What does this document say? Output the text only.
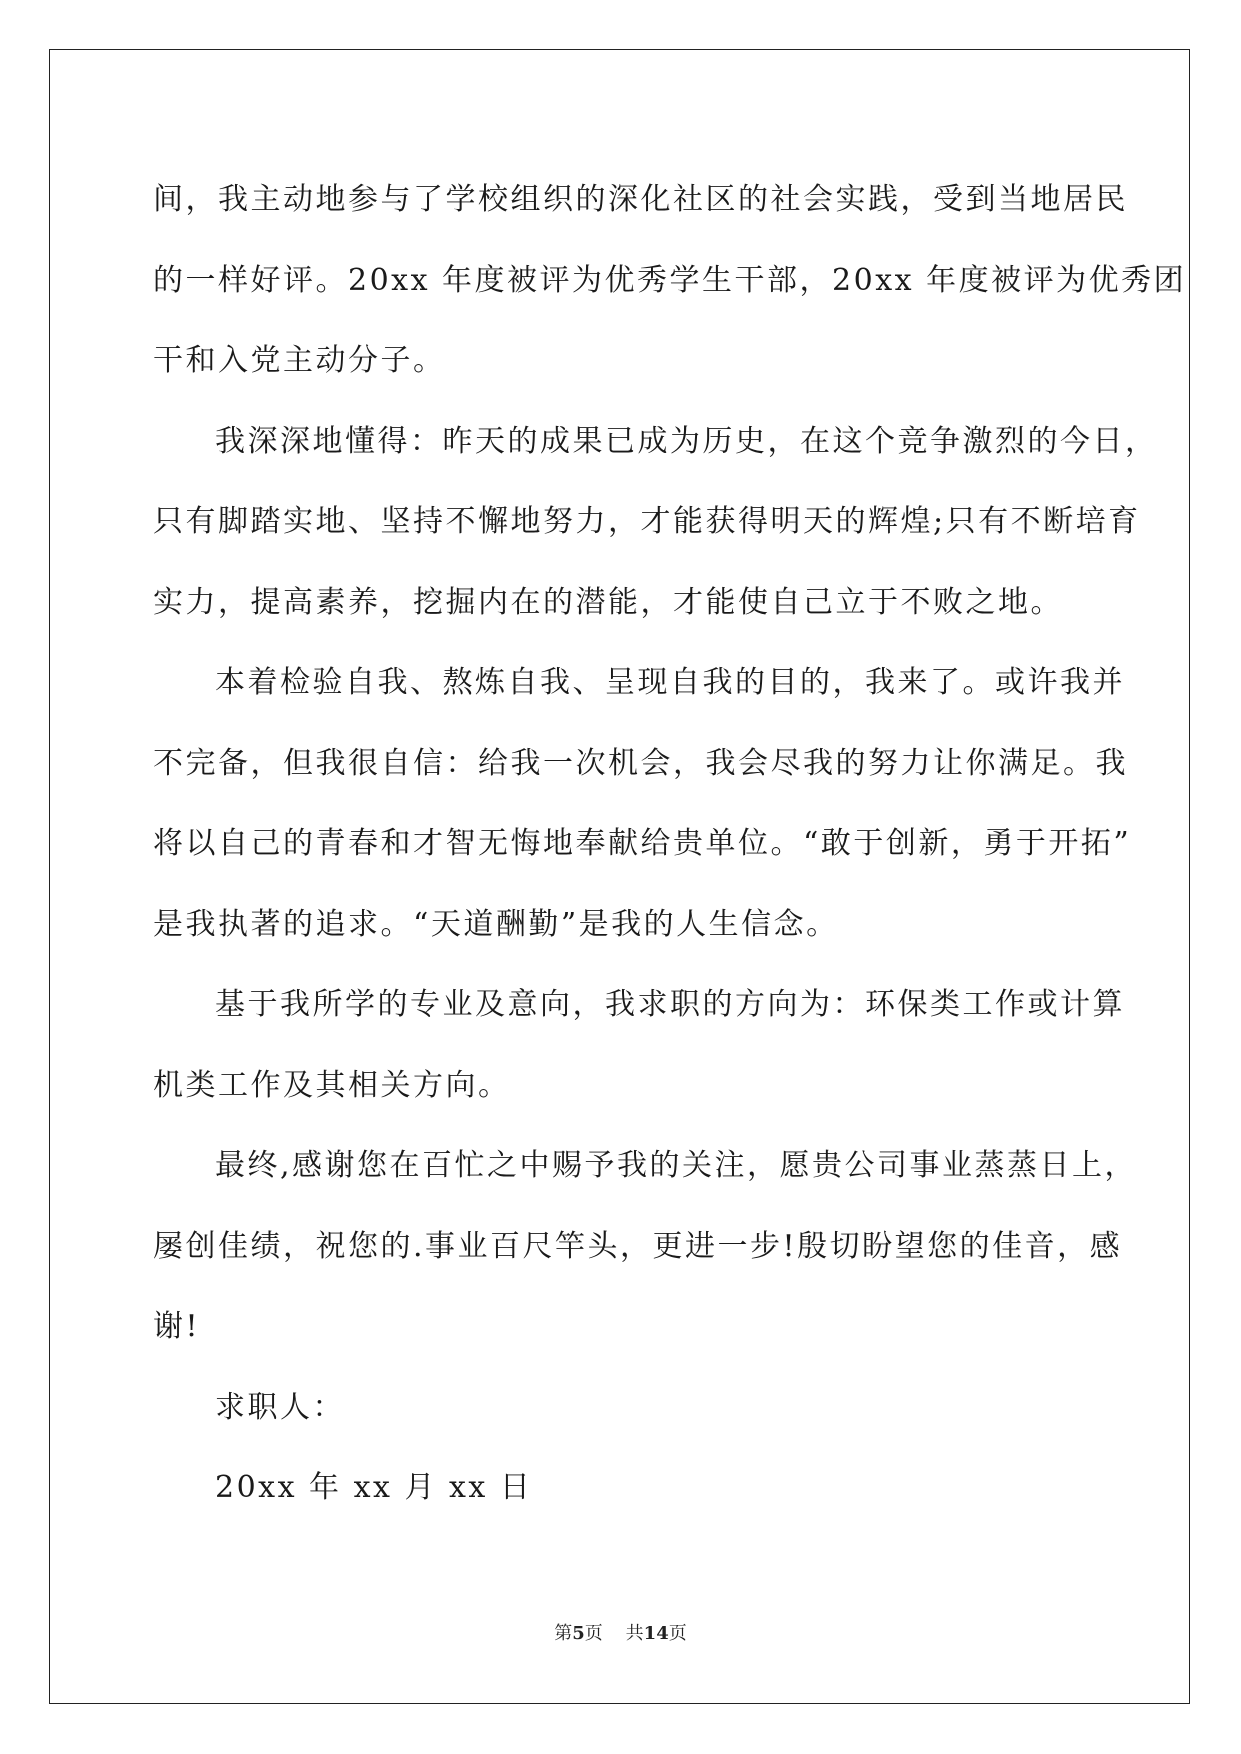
间，我主动地参与了学校组织的深化社区的社会实践，受到当地居民
的一样好评。20xx 年度被评为优秀学生干部，20xx 年度被评为优秀团
干和入党主动分子。
我深深地懂得：昨天的成果已成为历史，在这个竞争激烈的今日，
只有脚踏实地、坚持不懈地努力，才能获得明天的辉煌;只有不断培育
实力，提高素养，挖掘内在的潜能，才能使自己立于不败之地。
本着检验自我、熬炼自我、呈现自我的目的，我来了。或许我并
不完备，但我很自信：给我一次机会，我会尽我的努力让你满足。我
将以自己的青春和才智无悔地奉献给贵单位。“敢于创新，勇于开拓”
是我执著的追求。“天道酬勤”是我的人生信念。
基于我所学的专业及意向，我求职的方向为：环保类工作或计算
机类工作及其相关方向。
最终,感谢您在百忙之中赐予我的关注，愿贵公司事业蒸蒸日上，
屡创佳绩，祝您的.事业百尺竿头，更进一步!殷切盼望您的佳音，感
谢!
求职人：
20xx 年 xx 月 xx 日
第5页 共14页
